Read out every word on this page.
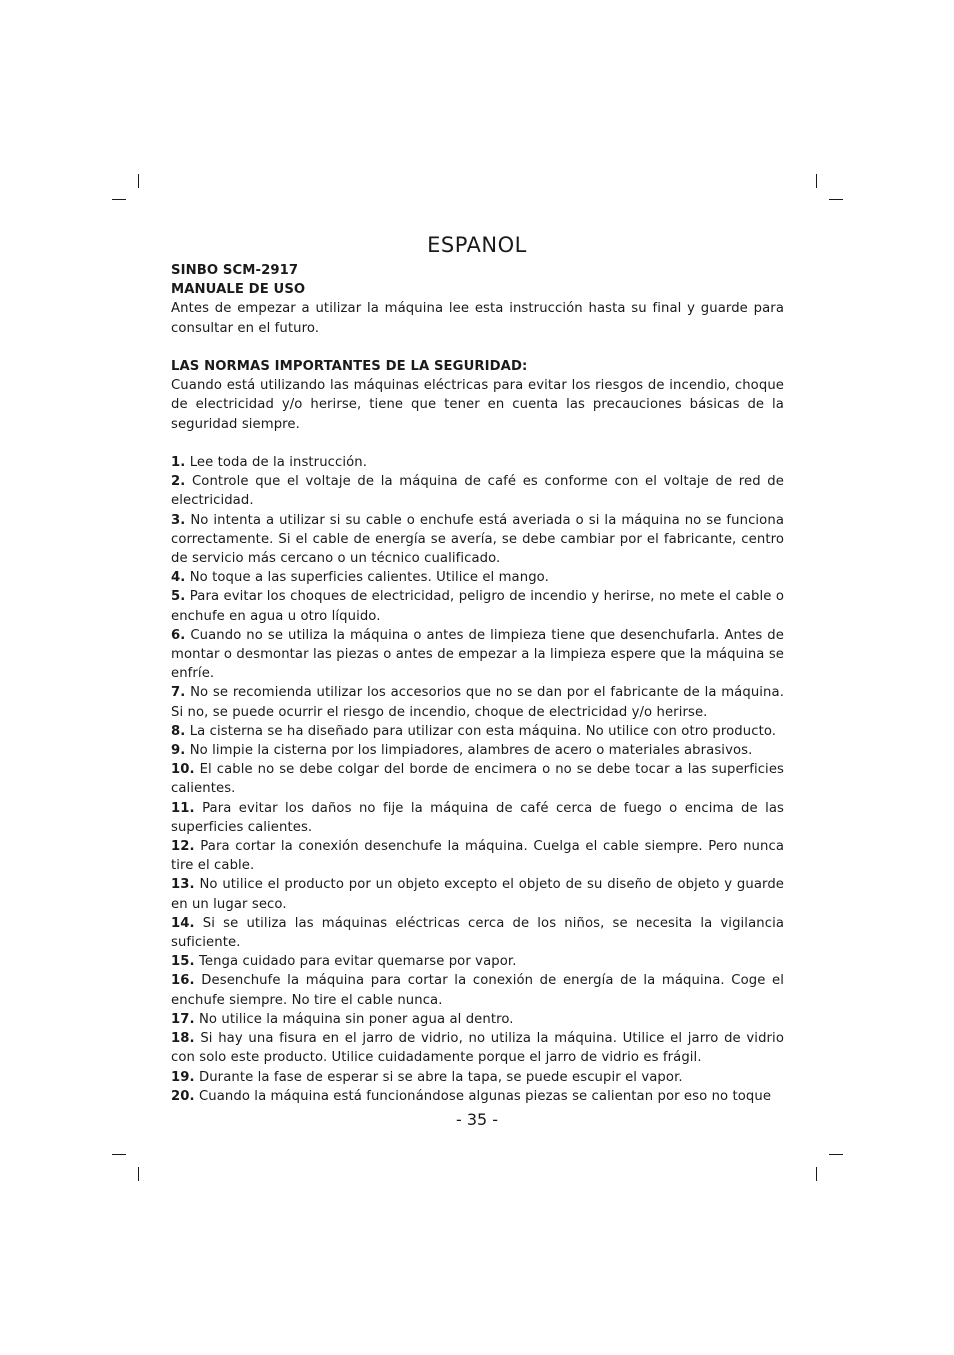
ESPANOL

SINBO SCM-2917

MANUALE DE USO

Antes de empezar a utilizar la máquina lee esta instrucción hasta su final y guarde para consultar en el futuro.

LAS NORMAS IMPORTANTES DE LA SEGURIDAD:

Cuando está utilizando las máquinas eléctricas para evitar los riesgos de incendio, choque de electricidad y/o herirse, tiene que tener en cuenta las precauciones básicas de la seguridad siempre.

1. Lee toda de la instrucción.

2. Controle que el voltaje de la máquina de café es conforme con el voltaje de red de electricidad.

3. No intenta a utilizar si su cable o enchufe está averiada o si la máquina no se funciona correctamente. Si el cable de energía se avería, se debe cambiar por el fabricante, centro de servicio más cercano o un técnico cualificado.

4. No toque a las superficies calientes. Utilice el mango.

5. Para evitar los choques de electricidad, peligro de incendio y herirse, no mete el cable o enchufe en agua u otro líquido.

6. Cuando no se utiliza la máquina o antes de limpieza tiene que desenchufarla. Antes de montar o desmontar las piezas o antes de empezar a la limpieza espere que la máquina se enfríe.

7. No se recomienda utilizar los accesorios que no se dan por el fabricante de la máquina. Si no, se puede ocurrir el riesgo de incendio, choque de electricidad y/o herirse.

8. La cisterna se ha diseñado para utilizar con esta máquina. No utilice con otro producto.

9. No limpie la cisterna por los limpiadores, alambres de acero o materiales abrasivos.

10. El cable no se debe colgar del borde de encimera o no se debe tocar a las superficies calientes.

11. Para evitar los daños no fije la máquina de café cerca de fuego o encima de las superficies calientes.

12. Para cortar la conexión desenchufe la máquina. Cuelga el cable siempre. Pero nunca tire el cable.

13. No utilice el producto por un objeto excepto el objeto de su diseño de objeto y guarde en un lugar seco.

14. Si se utiliza las máquinas eléctricas cerca de los niños, se necesita la vigilancia suficiente.

15. Tenga cuidado para evitar quemarse por vapor.

16. Desenchufe la máquina para cortar la conexión de energía de la máquina. Coge el enchufe siempre. No tire el cable nunca.

17. No utilice la máquina sin poner agua al dentro.

18. Si hay una fisura en el jarro de vidrio, no utiliza la máquina. Utilice el jarro de vidrio con solo este producto. Utilice cuidadamente porque el jarro de vidrio es frágil.

19. Durante la fase de esperar si se abre la tapa, se puede escupir el vapor.

20. Cuando la máquina está funcionándose algunas piezas se calientan por eso no toque

- 35 -
